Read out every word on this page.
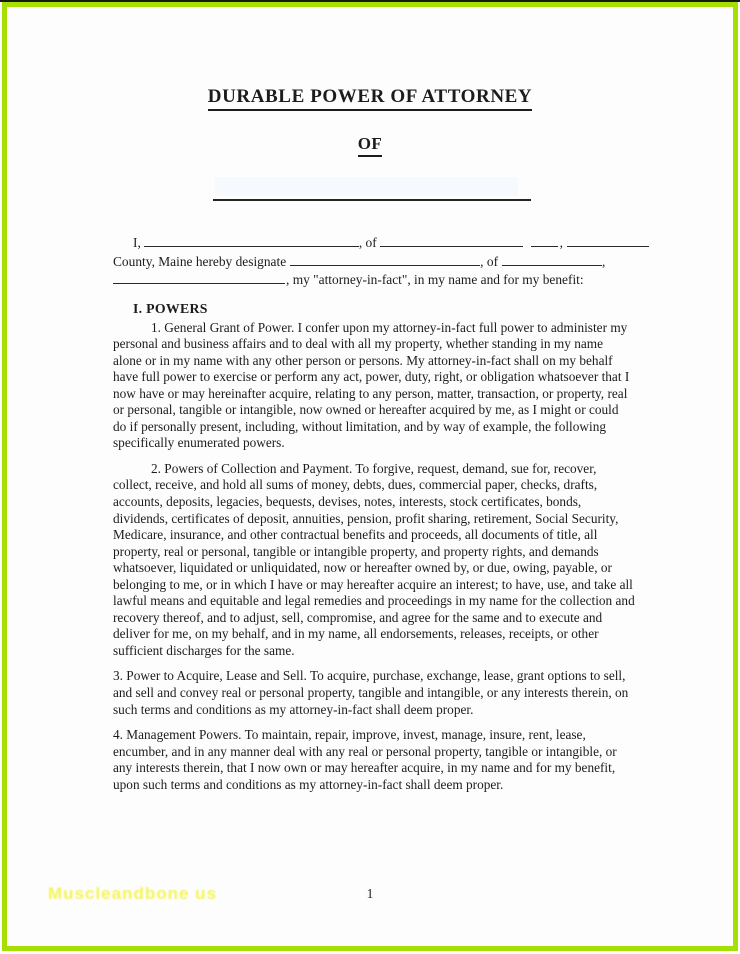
DURABLE POWER OF ATTORNEY
OF
I,	, of	,
County, Maine hereby designate	, of	,
, my "attorney-in-fact", in my name and for my benefit:
I. POWERS

1. General Grant of Power. I confer upon my attorney-in-fact full power to administer my personal and business affairs and to deal with all my property, whether standing in my name alone or in my name with any other person or persons. My attorney-in-fact shall on my behalf have full power to exercise or perform any act, power, duty, right, or obligation whatsoever that I now have or may hereinafter acquire, relating to any person, matter, transaction, or property, real or personal, tangible or intangible, now owned or hereafter acquired by me, as I might or could do if personally present, including, without limitation, and by way of example, the following specifically enumerated powers.

2. Powers of Collection and Payment. To forgive, request, demand, sue for, recover, collect, receive, and hold all sums of money, debts, dues, commercial paper, checks, drafts, accounts, deposits, legacies, bequests, devises, notes, interests, stock certificates, bonds, dividends, certificates of deposit, annuities, pension, profit sharing, retirement, Social Security, Medicare, insurance, and other contractual benefits and proceeds, all documents of title, all property, real or personal, tangible or intangible property, and property rights, and demands whatsoever, liquidated or unliquidated, now or hereafter owned by, or due, owing, payable, or belonging to me, or in which I have or may hereafter acquire an interest; to have, use, and take all lawful means and equitable and legal remedies and proceedings in my name for the collection and recovery thereof, and to adjust, sell, compromise, and agree for the same and to execute and deliver for me, on my behalf, and in my name, all endorsements, releases, receipts, or other sufficient discharges for the same.

3. Power to Acquire, Lease and Sell. To acquire, purchase, exchange, lease, grant options to sell, and sell and convey real or personal property, tangible and intangible, or any interests therein, on such terms and conditions as my attorney-in-fact shall deem proper.

4. Management Powers. To maintain, repair, improve, invest, manage, insure, rent, lease, encumber, and in any manner deal with any real or personal property, tangible or intangible, or any interests therein, that I now own or may hereafter acquire, in my name and for my benefit, upon such terms and conditions as my attorney-in-fact shall deem proper.

Muscleandbone us	1
